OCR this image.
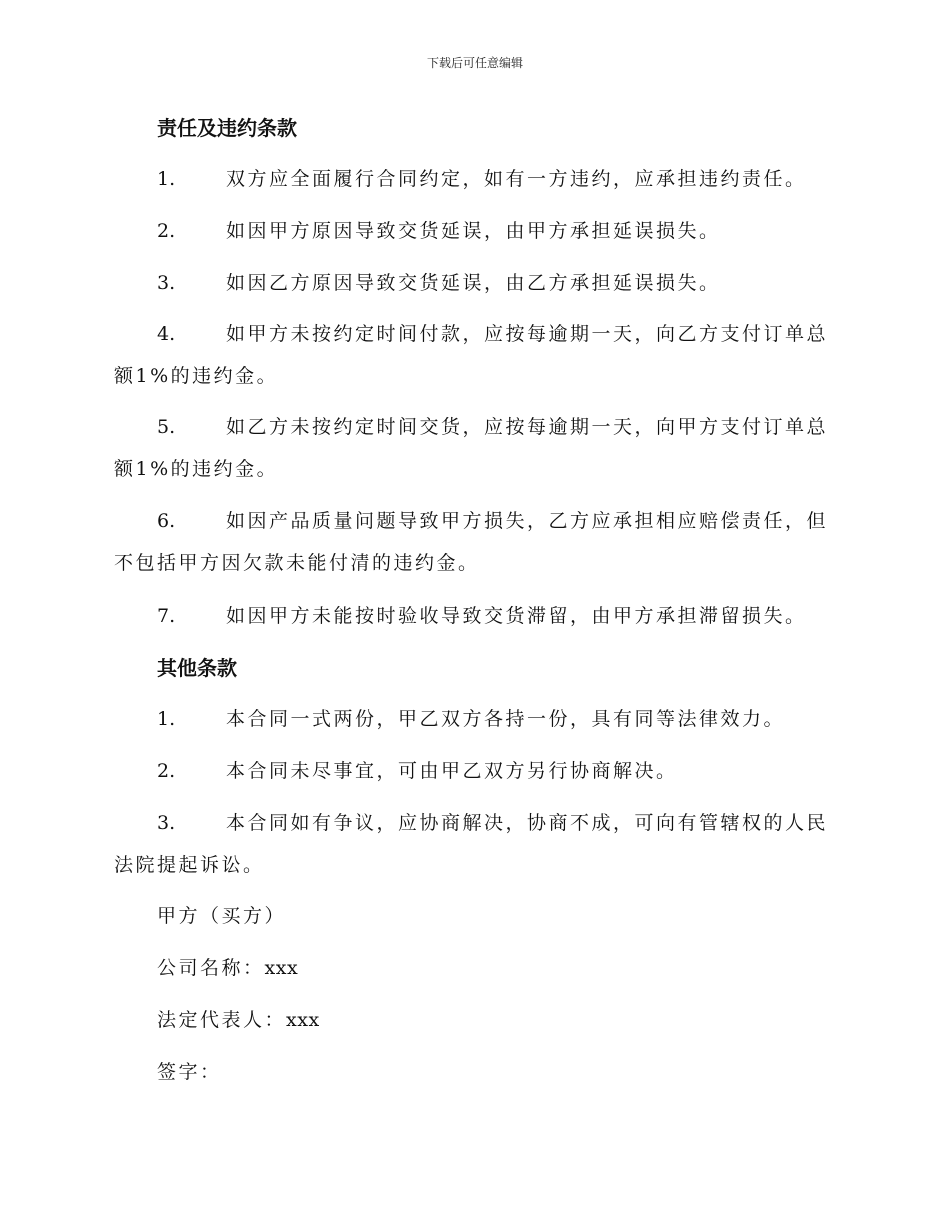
下载后可任意编辑
责任及违约条款
1.	双方应全面履行合同约定，如有一方违约，应承担违约责任。
2.	如因甲方原因导致交货延误，由甲方承担延误损失。
3.	如因乙方原因导致交货延误，由乙方承担延误损失。
4.	如甲方未按约定时间付款，应按每逾期一天，向乙方支付订单总额1%的违约金。
5.	如乙方未按约定时间交货，应按每逾期一天，向甲方支付订单总额1%的违约金。
6.	如因产品质量问题导致甲方损失，乙方应承担相应赔偿责任，但不包括甲方因欠款未能付清的违约金。
7.	如因甲方未能按时验收导致交货滞留，由甲方承担滞留损失。
其他条款
1.	本合同一式两份，甲乙双方各持一份，具有同等法律效力。
2.	本合同未尽事宜，可由甲乙双方另行协商解决。
3.	本合同如有争议，应协商解决，协商不成，可向有管辖权的人民法院提起诉讼。
甲方（买方）
公司名称：xxx
法定代表人：xxx
签字：
